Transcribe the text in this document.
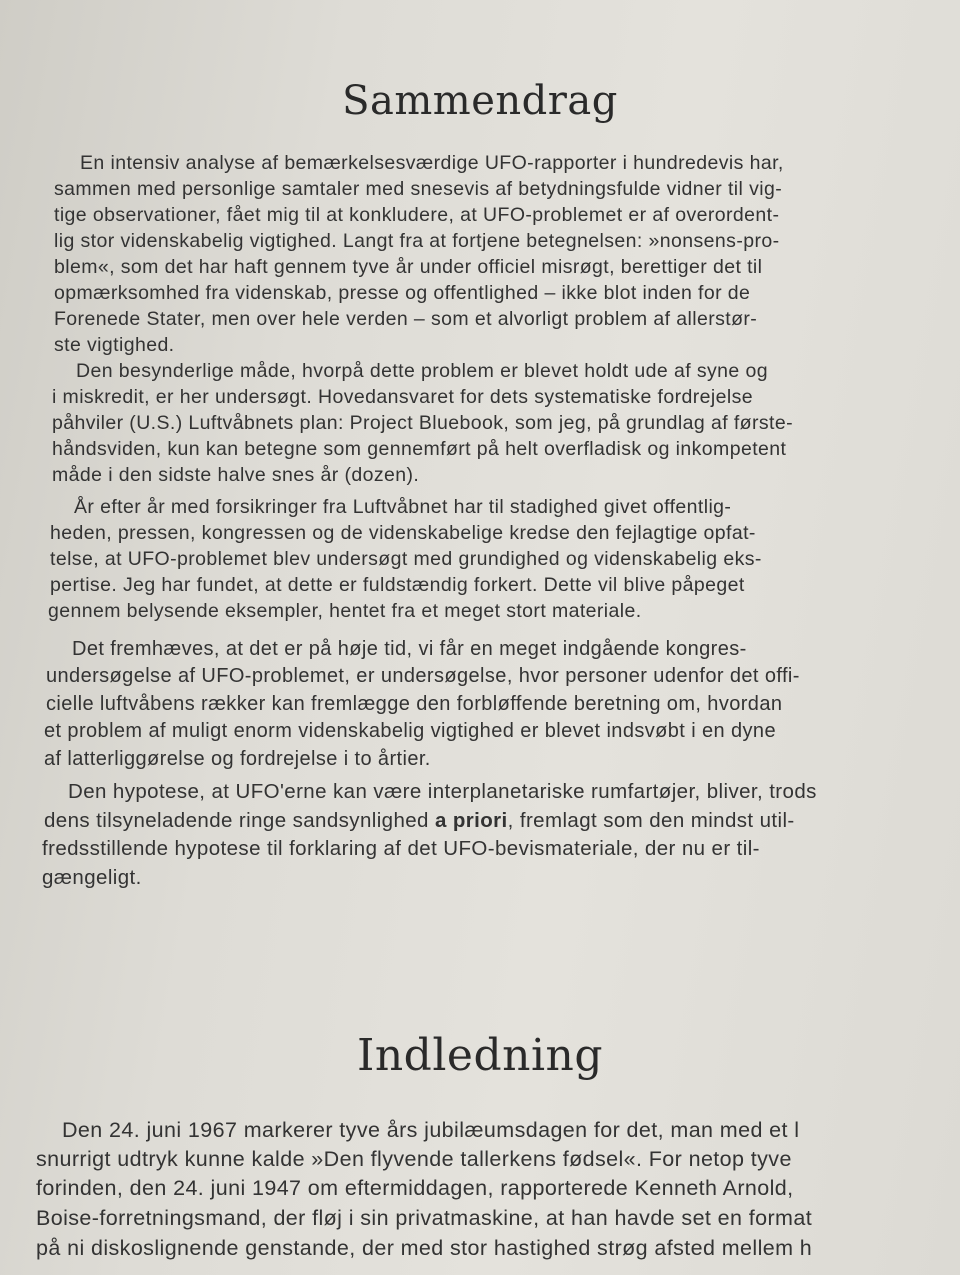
Sammendrag
En intensiv analyse af bemærkelsesværdige UFO-rapporter i hundredevis har,
sammen med personlige samtaler med snesevis af betydningsfulde vidner til vig-
tige observationer, fået mig til at konkludere, at UFO-problemet er af overordent-
lig stor videnskabelig vigtighed. Langt fra at fortjene betegnelsen: »nonsens-pro-
blem«, som det har haft gennem tyve år under officiel misrøgt, berettiger det til
opmærksomhed fra videnskab, presse og offentlighed – ikke blot inden for de
Forenede Stater, men over hele verden – som et alvorligt problem af allerstør-
ste vigtighed.
Den besynderlige måde, hvorpå dette problem er blevet holdt ude af syne og
i miskredit, er her undersøgt. Hovedansvaret for dets systematiske fordrejelse
påhviler (U.S.) Luftvåbnets plan: Project Bluebook, som jeg, på grundlag af første-
håndsviden, kun kan betegne som gennemført på helt overfladisk og inkompetent
måde i den sidste halve snes år (dozen).
År efter år med forsikringer fra Luftvåbnet har til stadighed givet offentlig-
heden, pressen, kongressen og de videnskabelige kredse den fejlagtige opfat-
telse, at UFO-problemet blev undersøgt med grundighed og videnskabelig eks-
pertise. Jeg har fundet, at dette er fuldstændig forkert. Dette vil blive påpeget
gennem belysende eksempler, hentet fra et meget stort materiale.
Det fremhæves, at det er på høje tid, vi får en meget indgående kongres-
undersøgelse af UFO-problemet, er undersøgelse, hvor personer udenfor det offi-
cielle luftvåbens rækker kan fremlægge den forbløffende beretning om, hvordan
et problem af muligt enorm videnskabelig vigtighed er blevet indsvøbt i en dyne
af latterliggørelse og fordrejelse i to årtier.
Den hypotese, at UFO'erne kan være interplanetariske rumfartøjer, bliver, trods
dens tilsyneladende ringe sandsynlighed a priori, fremlagt som den mindst util-
fredsstillende hypotese til forklaring af det UFO-bevismateriale, der nu er til-
gængeligt.
Indledning
Den 24. juni 1967 markerer tyve års jubilæumsdagen for det, man med et l
snurrigt udtryk kunne kalde »Den flyvende tallerkens fødsel«. For netop tyve
forinden, den 24. juni 1947 om eftermiddagen, rapporterede Kenneth Arnold,
Boise-forretningsmand, der fløj i sin privatmaskine, at han havde set en format
på ni diskoslignende genstande, der med stor hastighed strøg afsted mellem h
